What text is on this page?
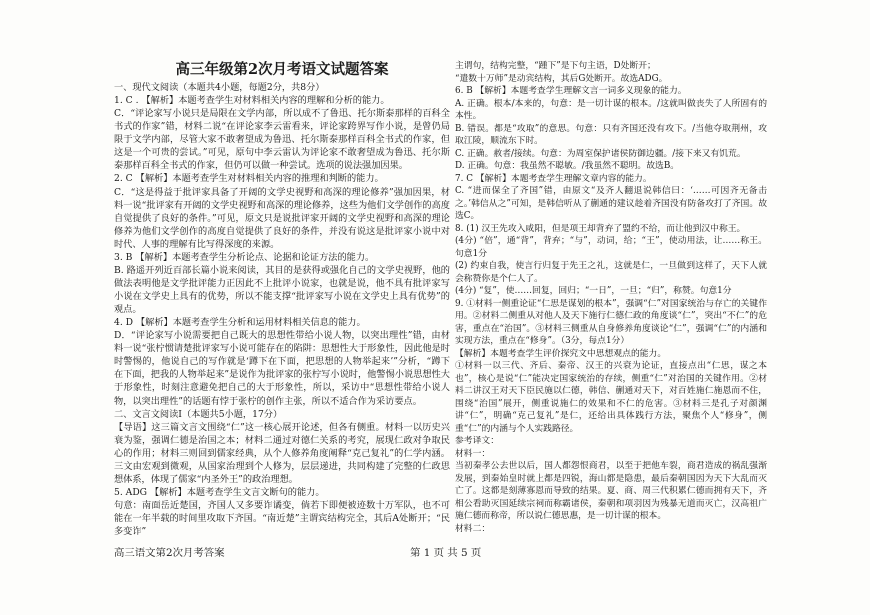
高三年级第2次月考语文试题答案

一、现代文阅读（本题共4小题，每题2分，共8分）

1. C . 【解析】本题考查学生对材料相关内容的理解和分析的能力。

C．“评论家写小说只是局限在文学内部，所以成不了鲁迅、托尔斯泰那样的百科全书式的作家”错，材料二说“在评论家李云雷看来，评论家跨界写作小说，是曾仍局限于文学内部，尽管大家不敢奢望成为鲁迅、托尔斯泰那样百科全书式的作家，但这是一个可贵的尝试。”可见，原句中李云雷认为评论家不敢奢望成为鲁迅、托尔斯泰那样百科全书式的作家，但仍可以做一种尝试。选项的说法强加因果。

2. C 【解析】本题考查学生对材料相关内容的推理和判断的能力。

C．“这是得益于批评家具备了开阔的文学史视野和高深的理论修养”强加因果，材料一说“批评家有开阔的文学史视野和高深的理论修养，这些为他们文学创作的高度自觉提供了良好的条件。”可见，原文只是说批评家开阔的文学史视野和高深的理论修养为他们文学创作的高度自觉提供了良好的条件，并没有说这是批评家小说中对时代、人事的理解有比写得深度的来源。

3. B 【解析】本题考查学生分析论点、论据和论证方法的能力。

B. 路遥开列近百部长篇小说来阅读，其目的是获得或强化自己的文学史视野，他的做法表明他是文学批评能力正因此不上批评小说家，也就是说，他不具有批评家写小说在文学史上具有的优势，所以不能支撑“批评家写小说在文学史上具有优势”的观点。

4. D 【解析】本题考查学生分析和运用材料相关信息的能力。

D．“评论家写小说需要把自己既大的思想性带给小说人物，以突出理性”错，由材料一说“张柠惯请楚批评家写小说可能存在的陷阱：思想性大于形象性，因此他是时时警惕的，他说自己的写作就是‘蹲下在下面，把思想的人物举起来’”分析，“蹲下在下面，把我的人物举起来”是说作为批评家的张柠写小说时，他警惕小说思想性大于形象性，时刻注意避免把自己的大于形象性，所以，采访中“思想性带给小说人物，以突出理性”的话题有悖于张柠的创作主张，所以不适合作为采访要点。

二、文言文阅读Ⅰ（本题共5小题，17分）

【导语】这三篇文言文围绕“仁”这一核心展开论述，但各有侧重。材料一以历史兴衰为鉴，强调仁德是治国之本；材料二通过对德仁关系的考究，展现仁政对争取民心的作用；材料三则回到儒家经典，从个人修养角度阐释“克己复礼”的仁学内涵。三文由宏观到微观，从国家治理到个人修为，层层递进，共同构建了完整的仁政思想体系，体现了儒家“内圣外王”的政治理想。

5. ADG 【解析】本题考查学生文言文断句的能力。

句意：南面岳近楚国，齐国人又多要诈谲变，倘若下即便被迹数十万军队，也不可能在一年半载的时间里攻取下齐国。“南近楚”主谓宾结构完全，其后A处断开；“民多变诈”

主谓句，结构完整，“踵下”是下句主语，D处断开；

“遣数十万师”是动宾结构，其后G处断开。故选ADG。

6. B 【解析】本题考查学生理解文言一词多义现象的能力。

A. 正确。根本/本来的，句意：是一切计谋的根本。/这就叫做丧失了人所固有的本性。

B. 错误。都是“攻取”的意思。句意：只有齐国还没有攻下。/当他夺取荆州，攻取江陵，顺流东下时。

C. 正确。赦者/接续。句意：为周室保护诸侯防御边疆。/接下来又有饥荒。

D. 正确。句意：我虽然不聪敏。/我虽然不聪明。故选B。

7. C 【解析】本题考查学生理解文章内容的能力。

C. “进而保全了齐国”错，由原文“及齐人翻退说韩信曰：‘……可因齐无备击之。’韩信从之”可知，是韩信听从了蒯通的建议趁着齐国没有防备攻打了齐国。故选C。

8. (1) 汉王先攻入咸阳，但是项王却背弃了盟约不给，而让他到汉中称王。

(4分) “倍”，通“背”，背弃；“与”，动词，给；“王”，使动用法，让……称王。句意1分

(2) 约束自我，使言行归复于先王之礼，这就是仁，一旦做到这样了，天下人就会称赞你是个仁人了。

(4分) “复”，使……回复，回归；“一日”，一旦；“归”，称赞。句意1分

9. ①材料一侧重论证“仁思是谋划的根本”，强调“仁”对国家统治与存亡的关键作用。②材料二侧重从对他人及天下施行仁德仁政的角度谈“仁”，突出“不仁”的危害，重点在“治国”。③材料三侧重从自身修养角度谈论“仁”，强调“仁”的内涵和实现方法，重点在“修身”。（3分，每点1分）

【解析】本题考查学生评价探究文中思想观点的能力。

①材料一以三代、齐后、秦帝、汉王的兴衰为论证，直接点出“仁思，谋之本也”，核心是说“仁”能决定国家统治的存续，侧重“仁”对治国的关键作用。②材料二讲汉王对天下臣民施以仁德，韩信、蒯通对天下，对百姓施仁施恩而不住，围绕“治国”展开，侧重说施仁的效果和不仁的危害。③材料三是孔子对颜渊讲“仁”，明确“克己复礼”是仁，还给出具体践行方法，聚焦个人“修身”，侧重“仁”的内涵与个人实践路径。

参考译文：

材料一：

当初秦孝公去世以后，国人都怨恨商君，以至于把他车裂，商君造成的祸乱强渐发展，到秦始皇时就上都是四锐，海山都是隐患，最后秦朝国因为天下大乱而灭亡了。这都是刻薄寡恩而导致的结果。夏、商、周三代积累仁德而拥有天下，齐相公看助灭国延续宗祠而称霸诸侯，秦朝和项羽因为残暴无道而灭亡，汉高祖广施仁德而称帝，所以说仁德思惠，是一切计谋的根本。

材料二：

高三语文第2次月考答案	第 1 页 共 5 页
